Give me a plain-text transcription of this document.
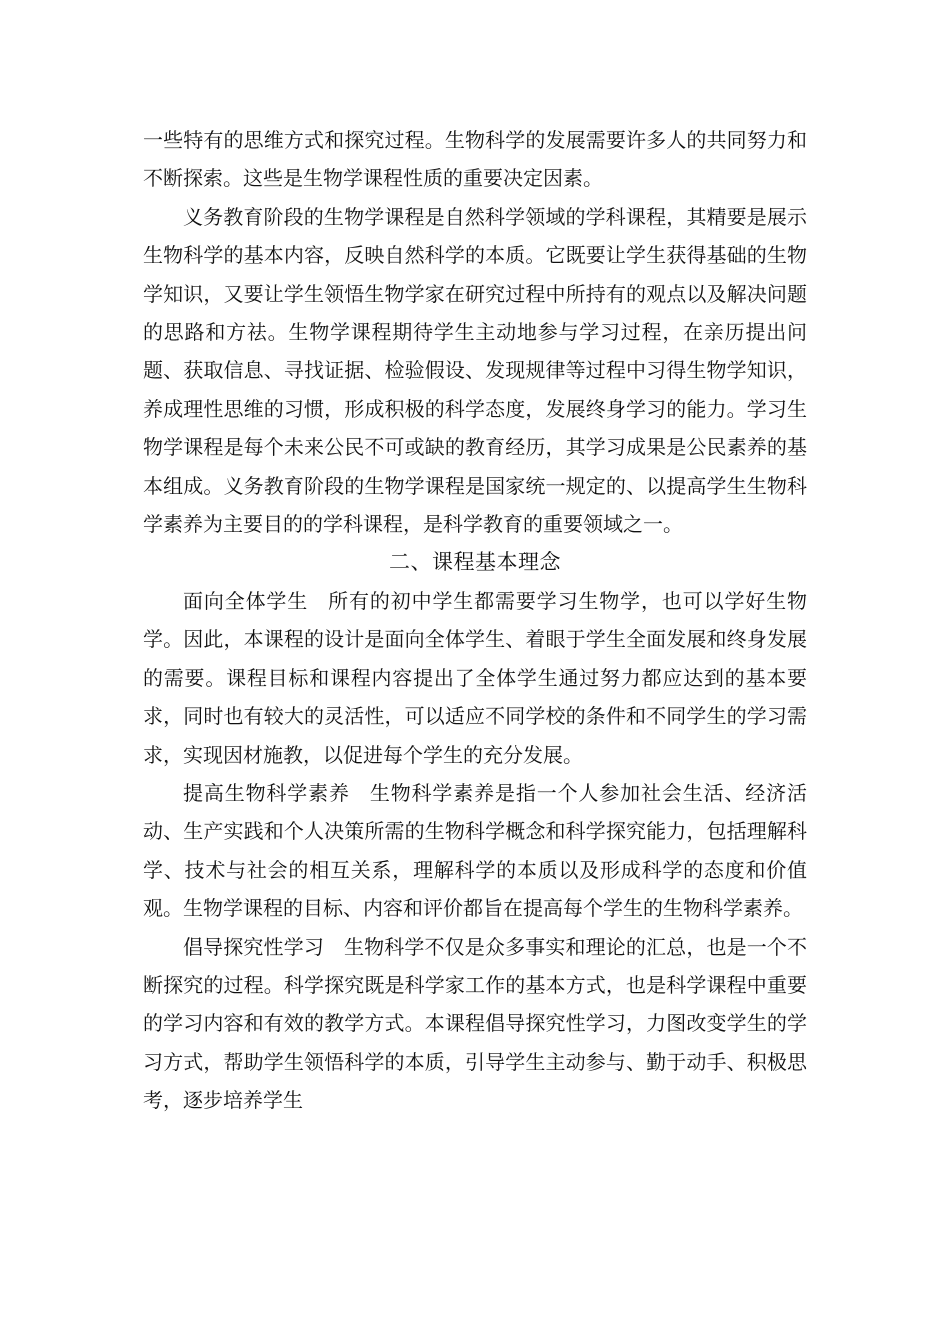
一些特有的思维方式和探究过程。生物科学的发展需要许多人的共同努力和不断探索。这些是生物学课程性质的重要决定因素。

义务教育阶段的生物学课程是自然科学领域的学科课程，其精要是展示生物科学的基本内容，反映自然科学的本质。它既要让学生获得基础的生物学知识，又要让学生领悟生物学家在研究过程中所持有的观点以及解决问题的思路和方祛。生物学课程期待学生主动地参与学习过程，在亲历提出问题、获取信息、寻找证据、检验假设、发现规律等过程中习得生物学知识，养成理性思维的习惯，形成积极的科学态度，发展终身学习的能力。学习生物学课程是每个未来公民不可或缺的教育经历，其学习成果是公民素养的基本组成。义务教育阶段的生物学课程是国家统一规定的、以提高学生生物科学素养为主要目的的学科课程，是科学教育的重要领域之一。

二、课程基本理念

面向全体学生 所有的初中学生都需要学习生物学，也可以学好生物学。因此，本课程的设计是面向全体学生、着眼于学生全面发展和终身发展的需要。课程目标和课程内容提出了全体学生通过努力都应达到的基本要求，同时也有较大的灵活性，可以适应不同学校的条件和不同学生的学习需求，实现因材施教，以促进每个学生的充分发展。

提高生物科学素养 生物科学素养是指一个人参加社会生活、经济活动、生产实践和个人决策所需的生物科学概念和科学探究能力，包括理解科学、技术与社会的相互关系，理解科学的本质以及形成科学的态度和价值观。生物学课程的目标、内容和评价都旨在提高每个学生的生物科学素养。

倡导探究性学习 生物科学不仅是众多事实和理论的汇总，也是一个不断探究的过程。科学探究既是科学家工作的基本方式，也是科学课程中重要的学习内容和有效的教学方式。本课程倡导探究性学习，力图改变学生的学习方式，帮助学生领悟科学的本质，引导学生主动参与、勤于动手、积极思考，逐步培养学生
